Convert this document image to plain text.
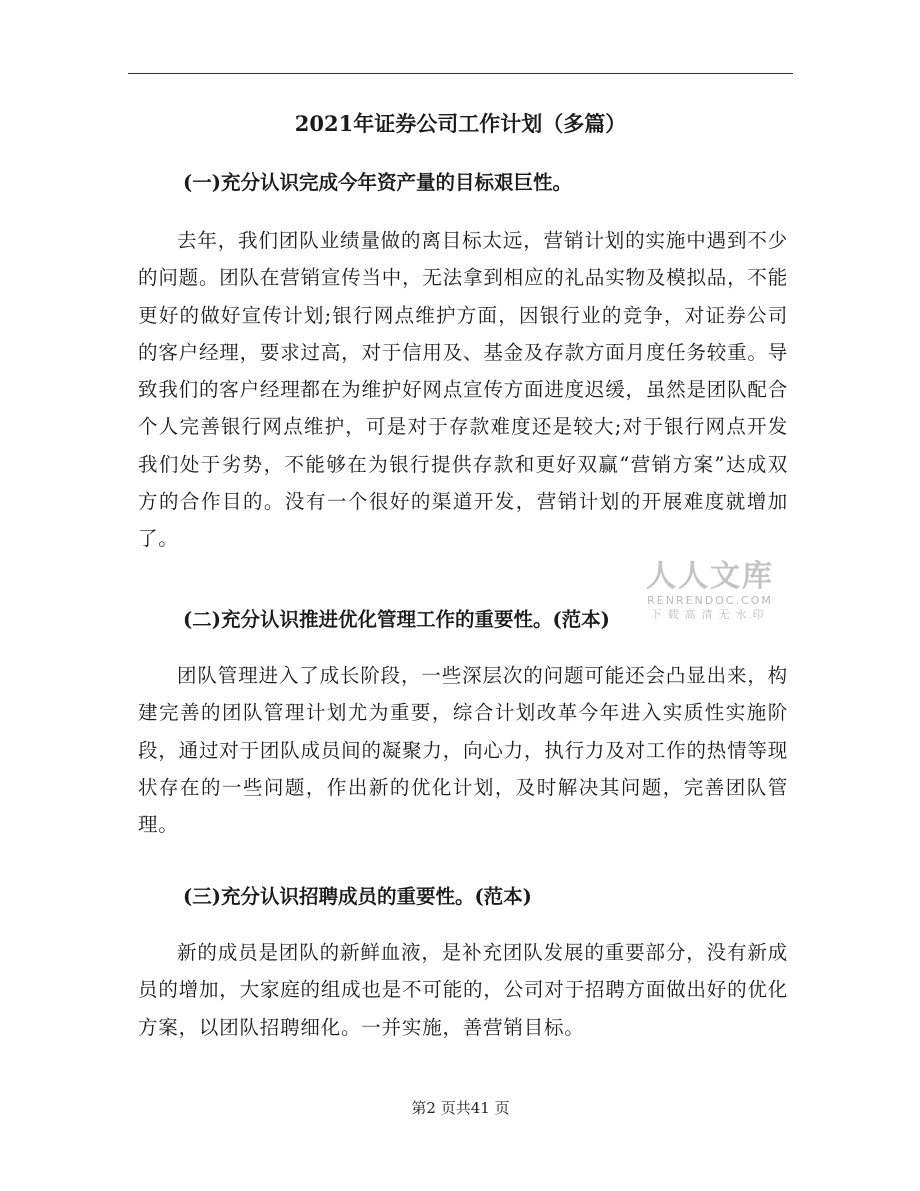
2021年证券公司工作计划（多篇）

(一)充分认识完成今年资产量的目标艰巨性。

去年，我们团队业绩量做的离目标太远，营销计划的实施中遇到不少的问题。团队在营销宣传当中，无法拿到相应的礼品实物及模拟品，不能更好的做好宣传计划;银行网点维护方面，因银行业的竞争，对证券公司的客户经理，要求过高，对于信用及、基金及存款方面月度任务较重。导致我们的客户经理都在为维护好网点宣传方面进度迟缓，虽然是团队配合个人完善银行网点维护，可是对于存款难度还是较大;对于银行网点开发我们处于劣势，不能够在为银行提供存款和更好双赢“营销方案”达成双方的合作目的。没有一个很好的渠道开发，营销计划的开展难度就增加了。

(二)充分认识推进优化管理工作的重要性。(范本)

团队管理进入了成长阶段，一些深层次的问题可能还会凸显出来，构建完善的团队管理计划尤为重要，综合计划改革今年进入实质性实施阶段，通过对于团队成员间的凝聚力，向心力，执行力及对工作的热情等现状存在的一些问题，作出新的优化计划，及时解决其问题，完善团队管理。

(三)充分认识招聘成员的重要性。(范本)

新的成员是团队的新鲜血液，是补充团队发展的重要部分，没有新成员的增加，大家庭的组成也是不可能的，公司对于招聘方面做出好的优化方案，以团队招聘细化。一并实施，善营销目标。

人人文库
RENRENDOC.COM
下载高清无水印
第2 页共41 页
